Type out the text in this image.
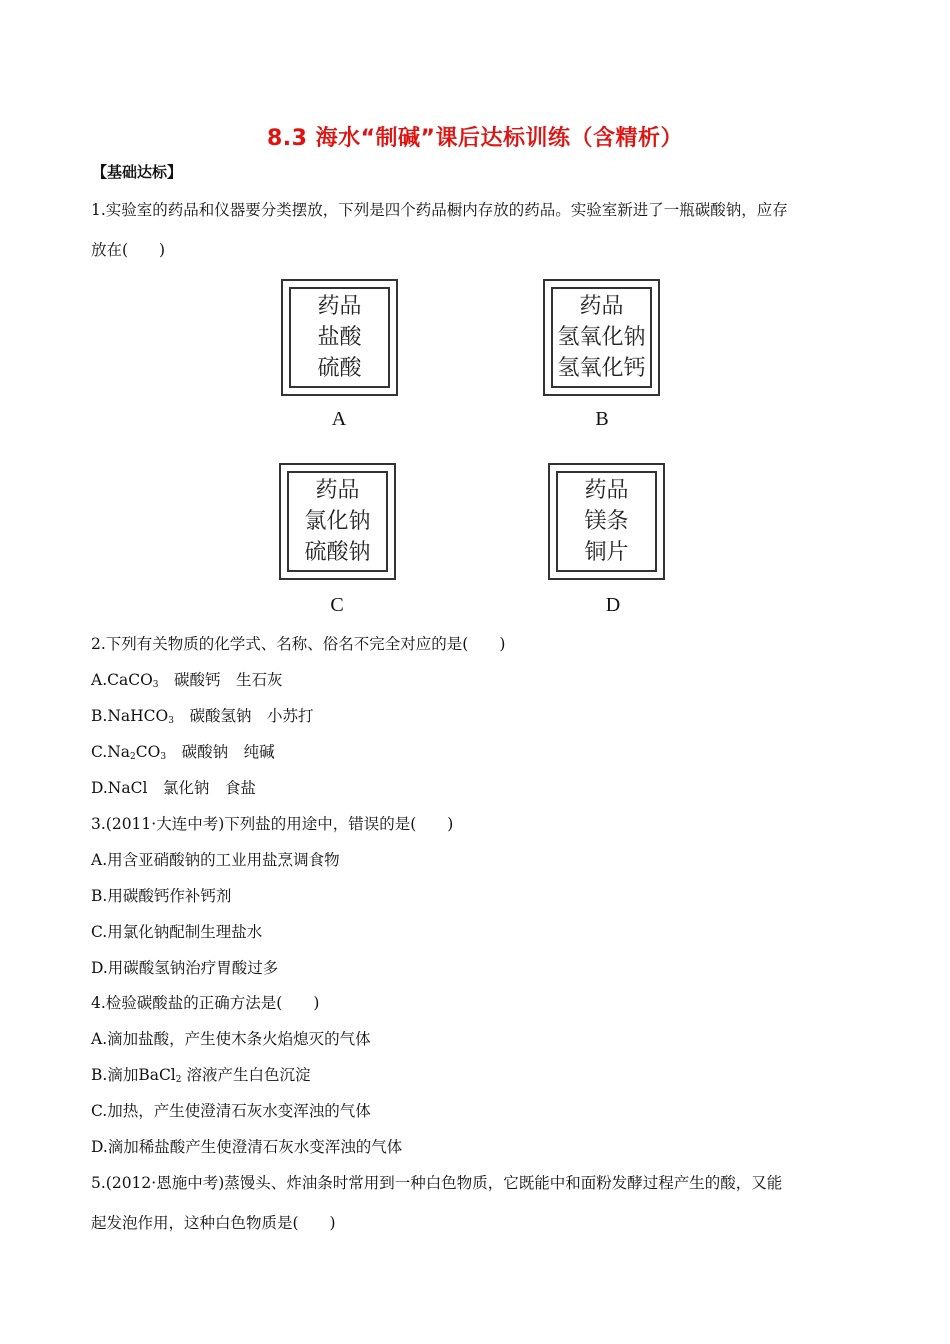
8.3 海水“制碱”课后达标训练（含精析）
【基础达标】
1.实验室的药品和仪器要分类摆放，下列是四个药品橱内存放的药品。实验室新进了一瓶碳酸钠，应存
放在(　　)
药品
盐酸
硫酸
A
药品
氢氧化钠
氢氧化钙
B
药品
氯化钠
硫酸钠
C
药品
镁条
铜片
D
2.下列有关物质的化学式、名称、俗名不完全对应的是(　　)
A.CaCO$_3$　碳酸钙　生石灰
B.NaHCO$_3$　碳酸氢钠　小苏打
$C.Na_2CO_3$　碳酸钠　纯碱
D.NaCl　氯化钠　食盐
3.(2011·大连中考)下列盐的用途中，错误的是(　　)
A.用含亚硝酸钠的工业用盐烹调食物
B.用碳酸钙作补钙剂
C.用氯化钠配制生理盐水
D.用碳酸氢钠治疗胃酸过多
4.检验碳酸盐的正确方法是(　　)
A.滴加盐酸，产生使木条火焰熄灭的气体
B.滴加BaCl$_2$ 溶液产生白色沉淀
C.加热，产生使澄清石灰水变浑浊的气体
D.滴加稀盐酸产生使澄清石灰水变浑浊的气体
5.(2012·恩施中考)蒸馒头、炸油条时常用到一种白色物质，它既能中和面粉发酵过程产生的酸，又能
起发泡作用，这种白色物质是(　　)
